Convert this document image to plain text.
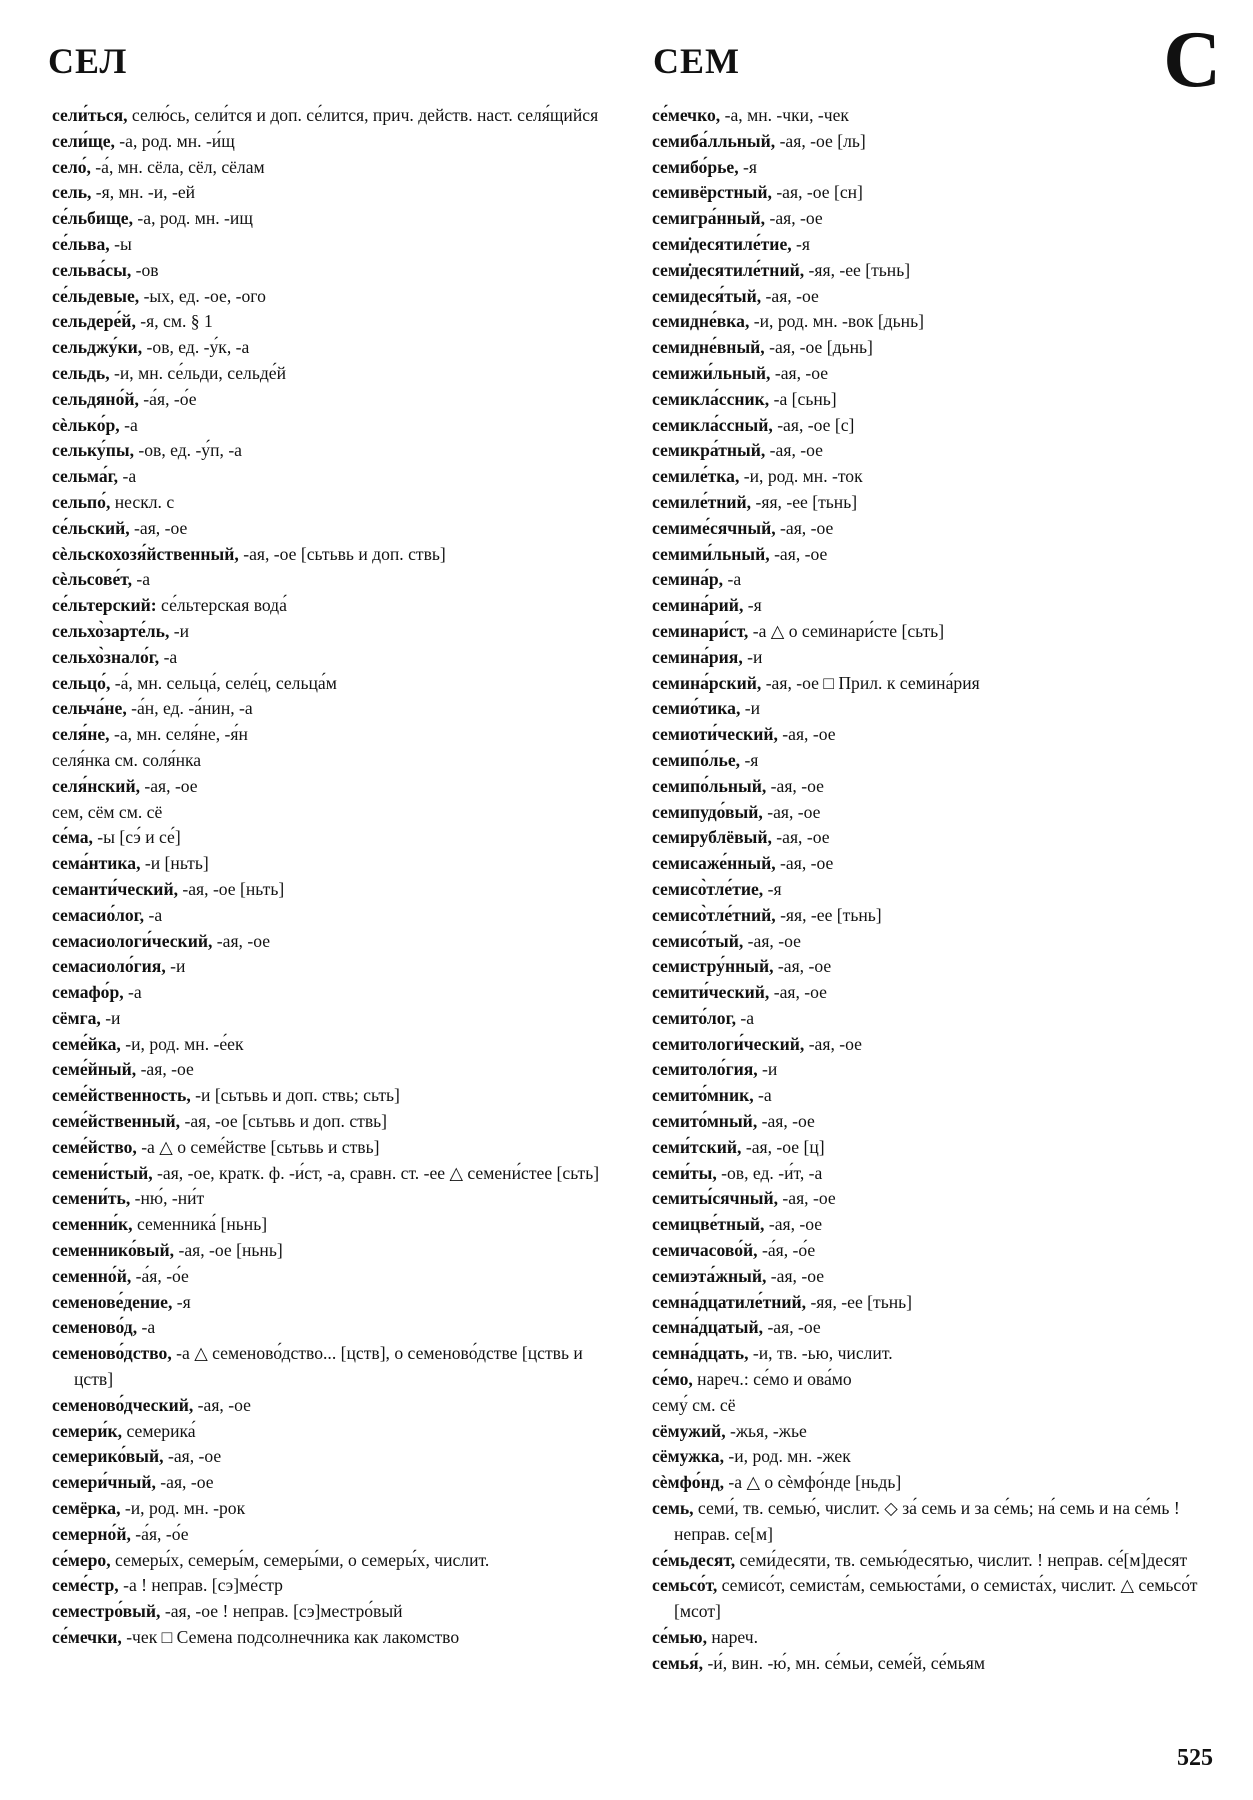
СЕЛ	СЕМ	С

сели́ться, селю́сь, сели́тся и доп. се́лится, прич. действ. наст. селя́щийся

сели́ще, -а, род. мн. -и́щ

село́, -а́, мн. сёла, сёл, сёлам

сель, -я, мн. -и, -ей

се́льбище, -а, род. мн. -ищ

се́льва, -ы

сельва́сы, -ов

се́льдевые, -ых, ед. -ое, -ого

сельдере́й, -я, см. § 1

сельджу́ки, -ов, ед. -у́к, -а

сельдь, -и, мн. се́льди, сельде́й

сельдяно́й, -а́я, -о́е

сѐлько́р, -а

сельку́пы, -ов, ед. -у́п, -а

сельма́г, -а

сельпо́, нескл. с

се́льский, -ая, -ое

сѐльскохозя́йственный, -ая, -ое [сьтьвь и доп. ствь]

сѐльсове́т, -а

се́льтерский: се́льтерская вода́

сельхо̀зарте́ль, -и

сельхо̀знало́г, -а

сельцо́, -а́, мн. сельца́, селе́ц, сельца́м

сельча́не, -а́н, ед. -а́нин, -а

селя́не, -а, мн. селя́не, -я́н

селя́нка см. соля́нка

селя́нский, -ая, -ое

сем, сём см. сё

се́ма, -ы [сэ́ и се́]

сема́нтика, -и [ньть]

семанти́ческий, -ая, -ое [ньть]

семасио́лог, -а

семасиологи́ческий, -ая, -ое

семасиоло́гия, -и

семафо́р, -а

сёмга, -и

семе́йка, -и, род. мн. -е́ек

семе́йный, -ая, -ое

семе́йственность, -и [сьтьвь и доп. ствь; сьть]

семе́йственный, -ая, -ое [сьтьвь и доп. ствь]

семе́йство, -а △ о семе́йстве [сьтьвь и ствь]

семени́стый, -ая, -ое, кратк. ф. -и́ст, -а, сравн. ст. -ее △ семени́стее [сьть]

семени́ть, -ню́, -ни́т

семенни́к, семенника́ [ньнь]

семеннико́вый, -ая, -ое [ньнь]

семенно́й, -а́я, -о́е

семенове́дение, -я

семеново́д, -а

семеново́дство, -а △ семеново́дство... [цств], о семеново́дстве [цствь и цств]

семеново́дческий, -ая, -ое

семери́к, семерика́

семерико́вый, -ая, -ое

семери́чный, -ая, -ое

семёрка, -и, род. мн. -рок

семерно́й, -а́я, -о́е

се́меро, семеры́х, семеры́м, семеры́ми, о семеры́х, числит.

семе́стр, -а ! неправ. [сэ]ме́стр

семестро́вый, -ая, -ое ! неправ. [сэ]местро́вый

се́мечки, -чек □ Семена подсолнечника как лакомство

се́мечко, -а, мн. -чки, -чек

семиба́лльный, -ая, -ое [ль]

семибо́рье, -я

семивёрстный, -ая, -ое [сн]

семигра́нный, -ая, -ое

семи̇десятиле́тие, -я

семи̇десятиле́тний, -яя, -ее [тьнь]

семидеся́тый, -ая, -ое

семидне́вка, -и, род. мн. -вок [дьнь]

семидне́вный, -ая, -ое [дьнь]

семижи́льный, -ая, -ое

семикла́ссник, -а [сьнь]

семикла́ссный, -ая, -ое [с]

семикра́тный, -ая, -ое

семиле́тка, -и, род. мн. -ток

семиле́тний, -яя, -ее [тьнь]

семиме́сячный, -ая, -ое

семими́льный, -ая, -ое

семина́р, -а

семина́рий, -я

семинари́ст, -а △ о семинари́сте [сьть]

семина́рия, -и

семина́рский, -ая, -ое □ Прил. к семина́рия

семио́тика, -и

семиоти́ческий, -ая, -ое

семипо́лье, -я

семипо́льный, -ая, -ое

семипудо́вый, -ая, -ое

семирублёвый, -ая, -ое

семисаже́нный, -ая, -ое

семисо̀тле́тие, -я

семисо̀тле́тний, -яя, -ее [тьнь]

семисо́тый, -ая, -ое

семистру́нный, -ая, -ое

семити́ческий, -ая, -ое

семито́лог, -а

семитологи́ческий, -ая, -ое

семитоло́гия, -и

семито́мник, -а

семито́мный, -ая, -ое

семи́тский, -ая, -ое [ц]

семи́ты, -ов, ед. -и́т, -а

семиты́сячный, -ая, -ое

семицве́тный, -ая, -ое

семичасово́й, -а́я, -о́е

семиэта́жный, -ая, -ое

семна́дцатиле́тний, -яя, -ее [тьнь]

семна́дцатый, -ая, -ое

семна́дцать, -и, тв. -ью, числит.

се́мо, нареч.: се́мо и ова́мо

сему́ см. сё

сёмужий, -жья, -жье

сёмужка, -и, род. мн. -жек

сѐмфо́нд, -а △ о сѐмфо́нде [ньдь]

семь, семи́, тв. семью́, числит. ◇ за́ семь и за се́мь; на́ семь и на се́мь ! неправ. се[м]

се́мьдесят, семи́десяти, тв. семью́десятью, числит. ! неправ. се́[м]десят

семьсо́т, семисо́т, семиста́м, семьюста́ми, о семиста́х, числит. △ семьсо́т [мсот]

се́мью, нареч.

семья́, -и́, вин. -ю́, мн. се́мьи, семе́й, се́мьям

525
